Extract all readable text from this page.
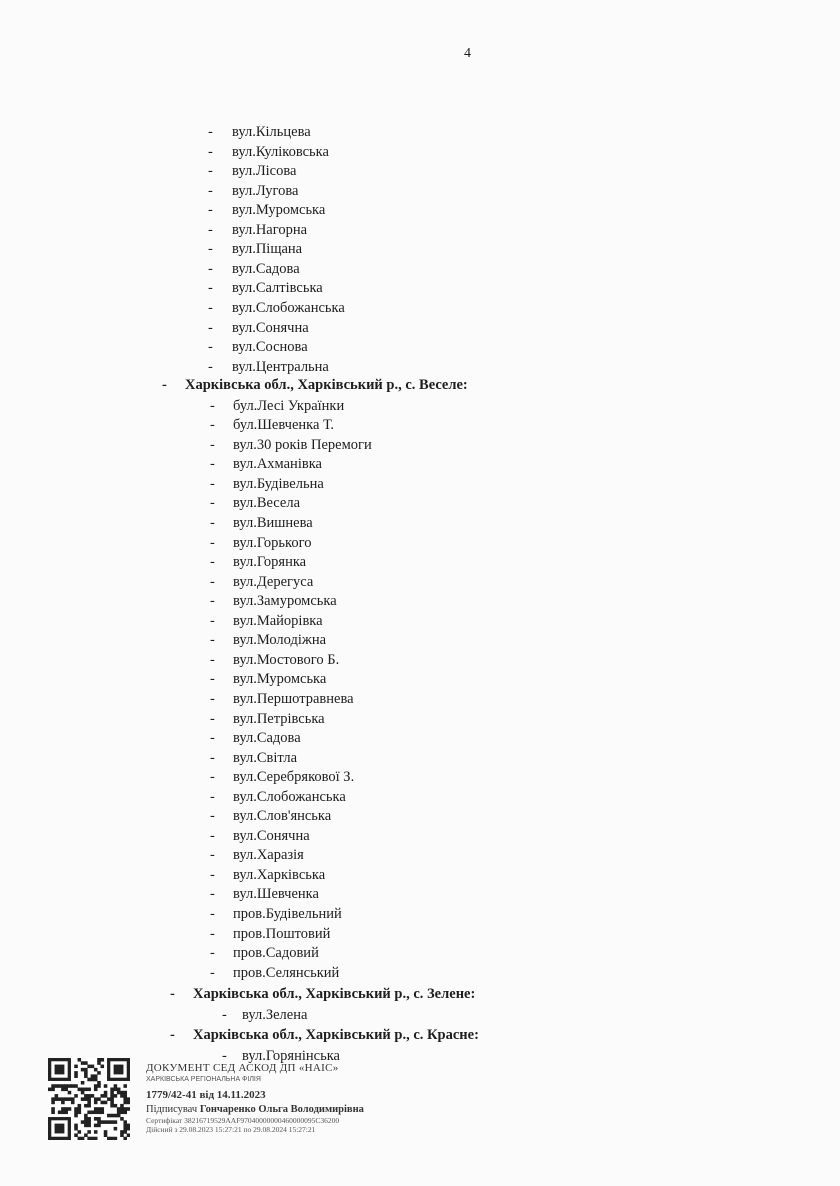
4
- вул.Кільцева
- вул.Куліковська
- вул.Лісова
- вул.Лугова
- вул.Муромська
- вул.Нагорна
- вул.Піщана
- вул.Садова
- вул.Салтівська
- вул.Слобожанська
- вул.Сонячна
- вул.Соснова
- вул.Центральна
- Харківська обл., Харківський р., с. Веселе:
- бул.Лесі Українки
- бул.Шевченка Т.
- вул.30 років Перемоги
- вул.Ахманівка
- вул.Будівельна
- вул.Весела
- вул.Вишнева
- вул.Горького
- вул.Горянка
- вул.Дерегуса
- вул.Замуромська
- вул.Майорівка
- вул.Молодіжна
- вул.Мостового Б.
- вул.Муромська
- вул.Першотравнева
- вул.Петрівська
- вул.Садова
- вул.Світла
- вул.Серебрякової З.
- вул.Слобожанська
- вул.Слов'янська
- вул.Сонячна
- вул.Харазія
- вул.Харківська
- вул.Шевченка
- пров.Будівельний
- пров.Поштовий
- пров.Садовий
- пров.Селянський
- Харківська обл., Харківський р., с. Зелене:
- вул.Зелена
- Харківська обл., Харківський р., с. Красне:
- вул.Горянінська
ДОКУМЕНТ СЕД АСКОД ДП «НАІС»
ХАРКІВСЬКА РЕГІОНАЛЬНА ФІЛІЯ
1779/42-41 від 14.11.2023
Підписувач Гончаренко Ольга Володимирівна
Сертифікат 38216719529AAF97040000000460000095C36200
Дійсний з 29.08.2023 15:27:21 по 29.08.2024 15:27:21
